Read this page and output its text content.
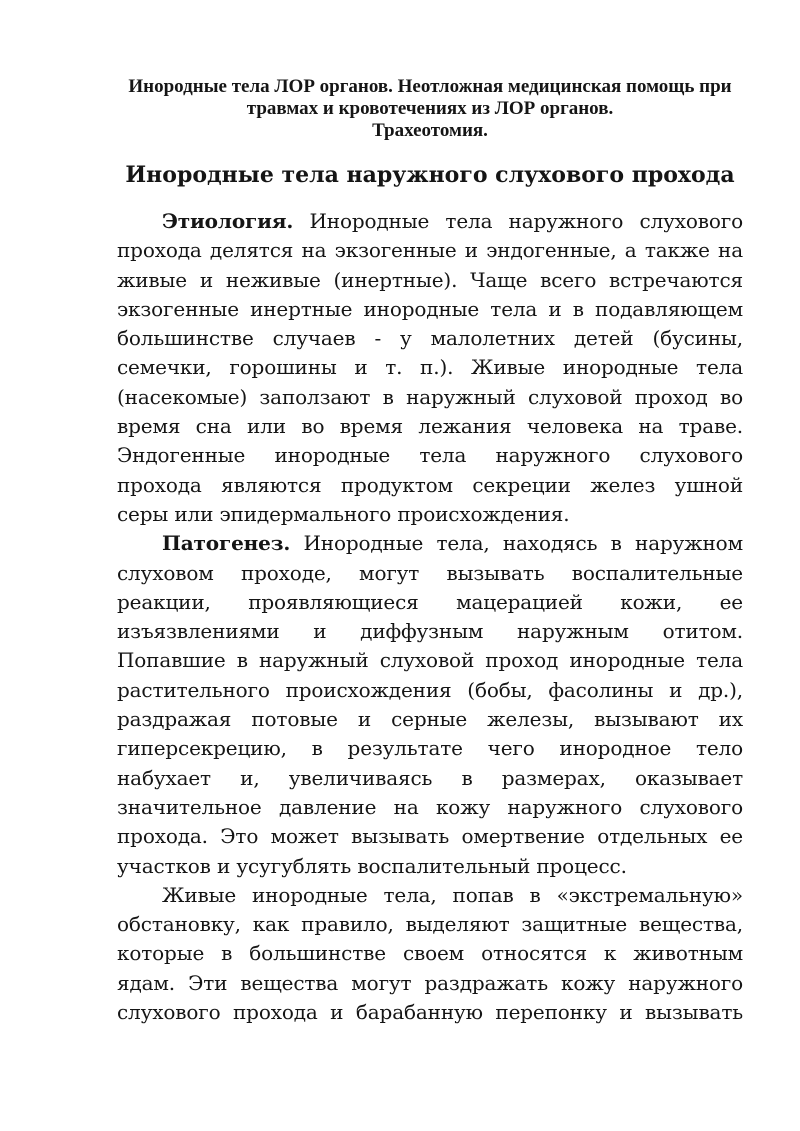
Инородные тела ЛОР органов. Неотложная медицинская помощь при
травмах и кровотечениях из ЛОР органов.
Трахеотомия.
Инородные тела наружного слухового прохода
Этиология. Инородные тела наружного слухового
прохода делятся на экзогенные и эндогенные, а также на
живые и неживые (инертные). Чаще всего встречаются
экзогенные инертные инородные тела и в подавляющем
большинстве случаев - у малолетних детей (бусины,
семечки, горошины и т. п.). Живые инородные тела
(насекомые) заползают в наружный слуховой проход во
время сна или во время лежания человека на траве.
Эндогенные инородные тела наружного слухового
прохода являются продуктом секреции желез ушной
серы или эпидермального происхождения.
Патогенез. Инородные тела, находясь в наружном
слуховом проходе, могут вызывать воспалительные
реакции, проявляющиеся мацерацией кожи, ее
изъязвлениями и диффузным наружным отитом.
Попавшие в наружный слуховой проход инородные тела
растительного происхождения (бобы, фасолины и др.),
раздражая потовые и серные железы, вызывают их
гиперсекрецию, в результате чего инородное тело
набухает и, увеличиваясь в размерах, оказывает
значительное давление на кожу наружного слухового
прохода. Это может вызывать омертвение отдельных ее
участков и усугублять воспалительный процесс.
Живые инородные тела, попав в «экстремальную»
обстановку, как правило, выделяют защитные вещества,
которые в большинстве своем относятся к животным
ядам. Эти вещества могут раздражать кожу наружного
слухового прохода и барабанную перепонку и вызывать
